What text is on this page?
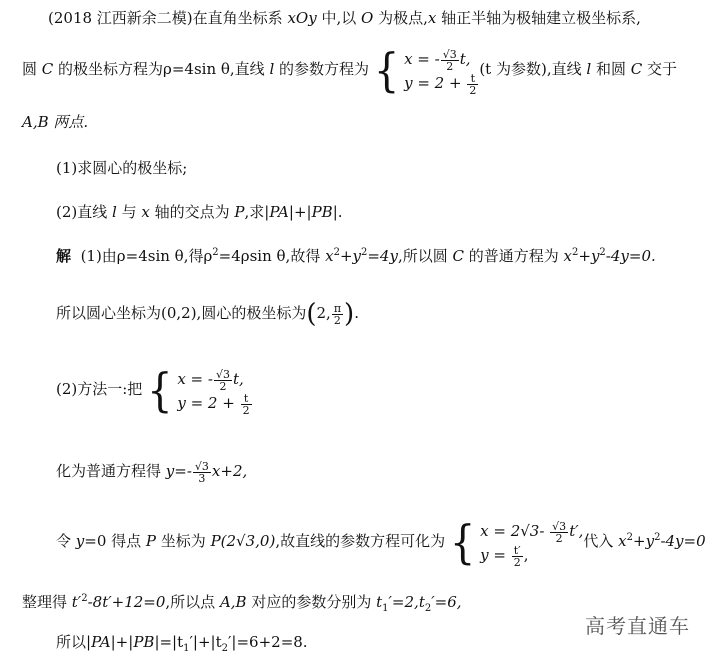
(2018 江西新余二模)在直角坐标系 xOy 中,以 O 为极点,x 轴正半轴为极轴建立极坐标系,
圆 C 的极坐标方程为ρ=4sin θ,直线 l 的参数方程为 { x = - $\frac{√3}{2} t$,
$y = 2 + \frac{t}{2}$
(t 为参数),直线 l 和圆 C 交于
A,B 两点.
(1)求圆心的极坐标;
(2)直线 l 与 x 轴的交点为 P,求|PA|+|PB|.
解 (1)由ρ=4sin θ,得$\rho^2=4\rho\sin$ θ,故得 $x^2+y^2=4y$,所以圆 C 的普通方程为 $x^2+y^2-4y=0$.
所以圆心坐标为(0,2),圆心的极坐标为(2, $\frac{\pi}{2}$ ).
(2)方法一:把 { x = - $\frac{√3}{2} t$,
$y = 2 + \frac{t}{2}$
化为普通方程得 $y=- \frac{√3}{3} x+2$,
令 y=0 得点 P 坐标为 P(2√3,0),故直线的参数方程可化为 { $x = 2√3- \frac{√3}{2} t'$,
$y = \frac{t'}{2}$ ,
代入 $x^2+y^2-4y=0$
整理得 $t'^2-8t'+12=0$,所以点 A,B 对应的参数分别为 $t_1'=2,t_2'=6$,
所以$|PA|+|PB|=|t_1'|+|t_2'|=6+2=8$.
高考直通车
